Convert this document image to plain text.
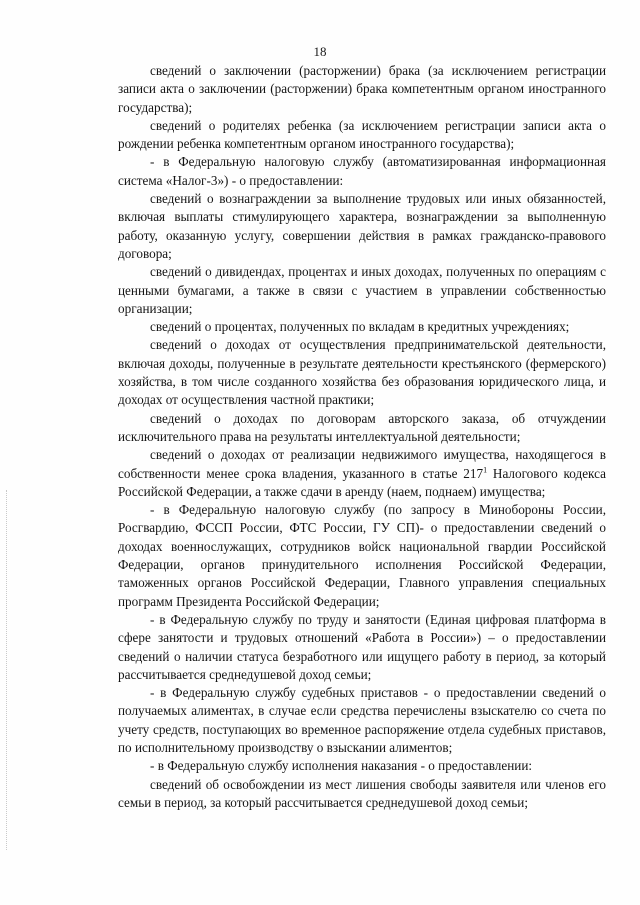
18

сведений о заключении (расторжении) брака (за исключением регистрации записи акта о заключении (расторжении) брака компетентным органом иностранного государства);

сведений о родителях ребенка (за исключением регистрации записи акта о рождении ребенка компетентным органом иностранного государства);

- в Федеральную налоговую службу (автоматизированная информационная система «Налог-3») - о предоставлении:

сведений о вознаграждении за выполнение трудовых или иных обязанностей, включая выплаты стимулирующего характера, вознаграждении за выполненную работу, оказанную услугу, совершении действия в рамках гражданско-правового договора;

сведений о дивидендах, процентах и иных доходах, полученных по операциям с ценными бумагами, а также в связи с участием в управлении собственностью организации;

сведений о процентах, полученных по вкладам в кредитных учреждениях;

сведений о доходах от осуществления предпринимательской деятельности, включая доходы, полученные в результате деятельности крестьянского (фермерского) хозяйства, в том числе созданного хозяйства без образования юридического лица, и доходах от осуществления частной практики;

сведений о доходах по договорам авторского заказа, об отчуждении исключительного права на результаты интеллектуальной деятельности;

сведений о доходах от реализации недвижимого имущества, находящегося в собственности менее срока владения, указанного в статье $217^1$ Налогового кодекса Российской Федерации, а также сдачи в аренду (наем, поднаем) имущества;

- в Федеральную налоговую службу (по запросу в Минобороны России, Росгвардию, ФССП России, ФТС России, ГУ СП)- о предоставлении сведений о доходах военнослужащих, сотрудников войск национальной гвардии Российской Федерации, органов принудительного исполнения Российской Федерации, таможенных органов Российской Федерации, Главного управления специальных программ Президента Российской Федерации;

- в Федеральную службу по труду и занятости (Единая цифровая платформа в сфере занятости и трудовых отношений «Работа в России») – о предоставлении сведений о наличии статуса безработного или ищущего работу в период, за который рассчитывается среднедушевой доход семьи;

- в Федеральную службу судебных приставов - о предоставлении сведений о получаемых алиментах, в случае если средства перечислены взыскателю со счета по учету средств, поступающих во временное распоряжение отдела судебных приставов, по исполнительному производству о взыскании алиментов;

- в Федеральную службу исполнения наказания - о предоставлении:

сведений об освобождении из мест лишения свободы заявителя или членов его семьи в период, за который рассчитывается среднедушевой доход семьи;
